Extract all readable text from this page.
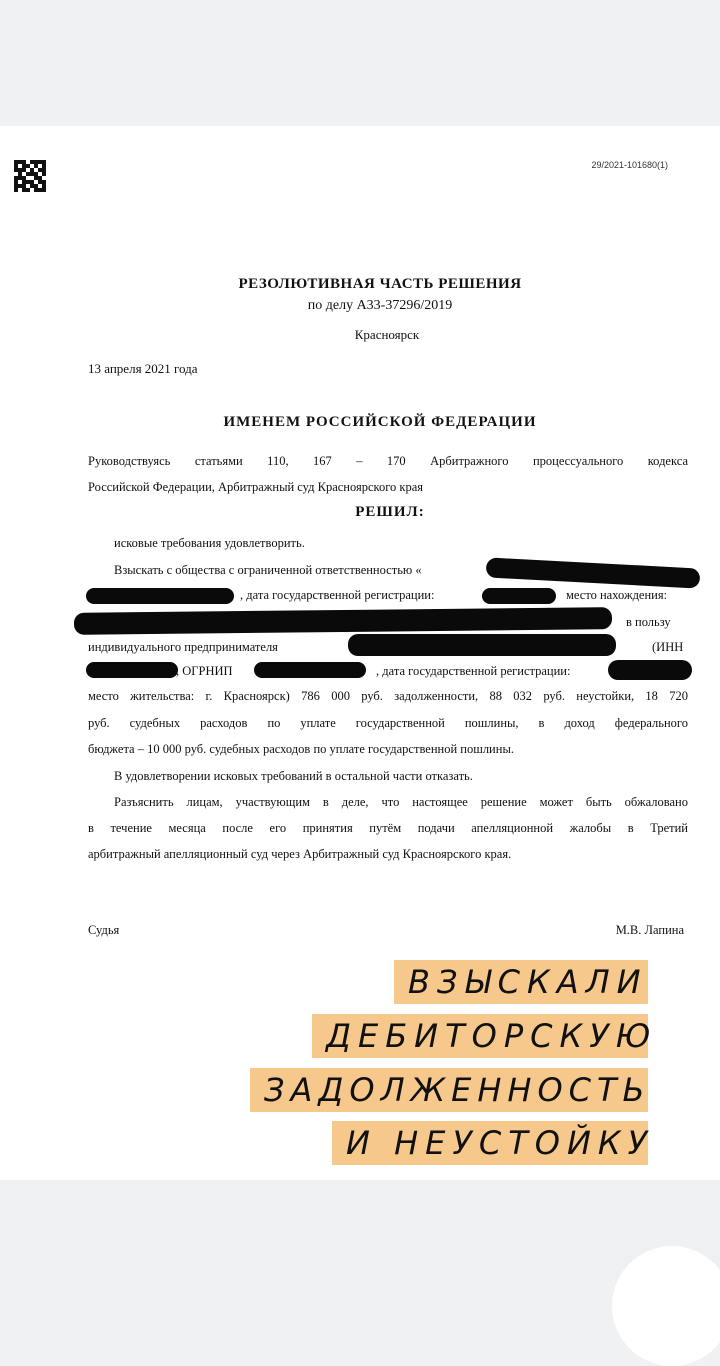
29/2021-101680(1)
РЕЗОЛЮТИВНАЯ ЧАСТЬ РЕШЕНИЯ
по делу А33-37296/2019
Красноярск
13 апреля 2021 года
ИМЕНЕМ РОССИЙСКОЙ ФЕДЕРАЦИИ
Руководствуясь статьями 110, 167 – 170 Арбитражного процессуального кодекса
Российской Федерации, Арбитражный суд Красноярского края
РЕШИЛ:
исковые требования удовлетворить.
Взыскать с общества с ограниченной ответственностью «
, дата государственной регистрации:	место нахождения:
в пользу
индивидуального предпринимателя	(ИНН
, ОГРНИП	, дата государственной регистрации:
место жительства: г. Красноярск) 786 000 руб. задолженности, 88 032 руб. неустойки, 18 720
руб. судебных расходов по уплате государственной пошлины, в доход федерального
бюджета – 10 000 руб. судебных расходов по уплате государственной пошлины.
В удовлетворении исковых требований в остальной части отказать.
Разъяснить лицам, участвующим в деле, что настоящее решение может быть обжаловано
в течение месяца после его принятия путём подачи апелляционной жалобы в Третий
арбитражный апелляционный суд через Арбитражный суд Красноярского края.
Судья	М.В. Лапина
ВЗЫСКАЛИ
ДЕБИТОРСКУЮ
ЗАДОЛЖЕННОСТЬ
И НЕУСТОЙКУ
